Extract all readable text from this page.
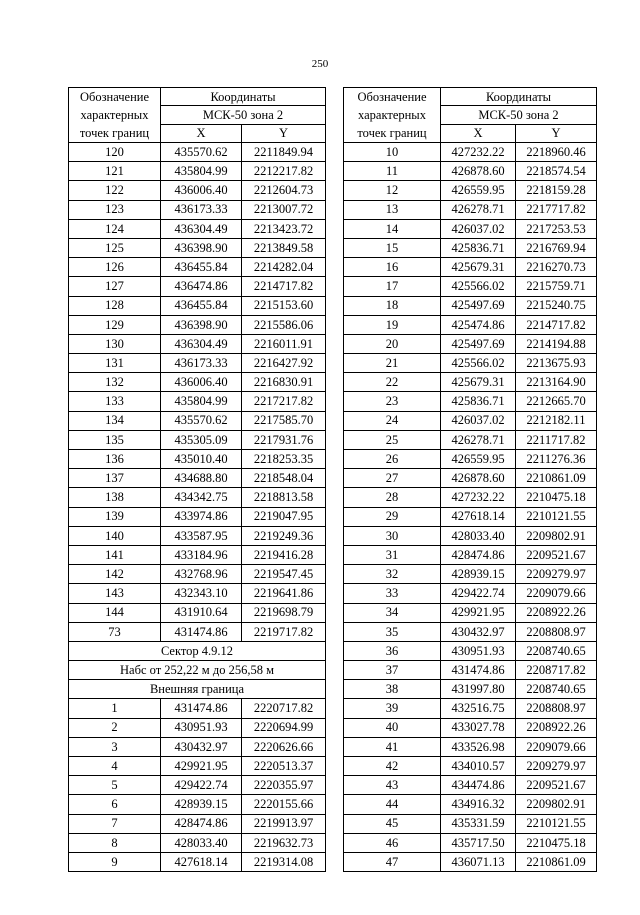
250
Обозначение
характерных
точек границ	Координаты	
	МСК-50 зона 2	
	X	Y
120	435570.62	2211849.94
121	435804.99	2212217.82
122	436006.40	2212604.73
123	436173.33	2213007.72
124	436304.49	2213423.72
125	436398.90	2213849.58
126	436455.84	2214282.04
127	436474.86	2214717.82
128	436455.84	2215153.60
129	436398.90	2215586.06
130	436304.49	2216011.91
131	436173.33	2216427.92
132	436006.40	2216830.91
133	435804.99	2217217.82
134	435570.62	2217585.70
135	435305.09	2217931.76
136	435010.40	2218253.35
137	434688.80	2218548.04
138	434342.75	2218813.58
139	433974.86	2219047.95
140	433587.95	2219249.36
141	433184.96	2219416.28
142	432768.96	2219547.45
143	432343.10	2219641.86
144	431910.64	2219698.79
73	431474.86	2219717.82
Сектор 4.9.12		
Набс от 252,22 м до 256,58 м		
Внешняя граница		
1	431474.86	2220717.82
2	430951.93	2220694.99
3	430432.97	2220626.66
4	429921.95	2220513.37
5	429422.74	2220355.97
6	428939.15	2220155.66
7	428474.86	2219913.97
8	428033.40	2219632.73
9	427618.14	2219314.08
Обозначение
характерных
точек границ	Координаты	
	МСК-50 зона 2	
	X	Y
10	427232.22	2218960.46
11	426878.60	2218574.54
12	426559.95	2218159.28
13	426278.71	2217717.82
14	426037.02	2217253.53
15	425836.71	2216769.94
16	425679.31	2216270.73
17	425566.02	2215759.71
18	425497.69	2215240.75
19	425474.86	2214717.82
20	425497.69	2214194.88
21	425566.02	2213675.93
22	425679.31	2213164.90
23	425836.71	2212665.70
24	426037.02	2212182.11
25	426278.71	2211717.82
26	426559.95	2211276.36
27	426878.60	2210861.09
28	427232.22	2210475.18
29	427618.14	2210121.55
30	428033.40	2209802.91
31	428474.86	2209521.67
32	428939.15	2209279.97
33	429422.74	2209079.66
34	429921.95	2208922.26
35	430432.97	2208808.97
36	430951.93	2208740.65
37	431474.86	2208717.82
38	431997.80	2208740.65
39	432516.75	2208808.97
40	433027.78	2208922.26
41	433526.98	2209079.66
42	434010.57	2209279.97
43	434474.86	2209521.67
44	434916.32	2209802.91
45	435331.59	2210121.55
46	435717.50	2210475.18
47	436071.13	2210861.09
